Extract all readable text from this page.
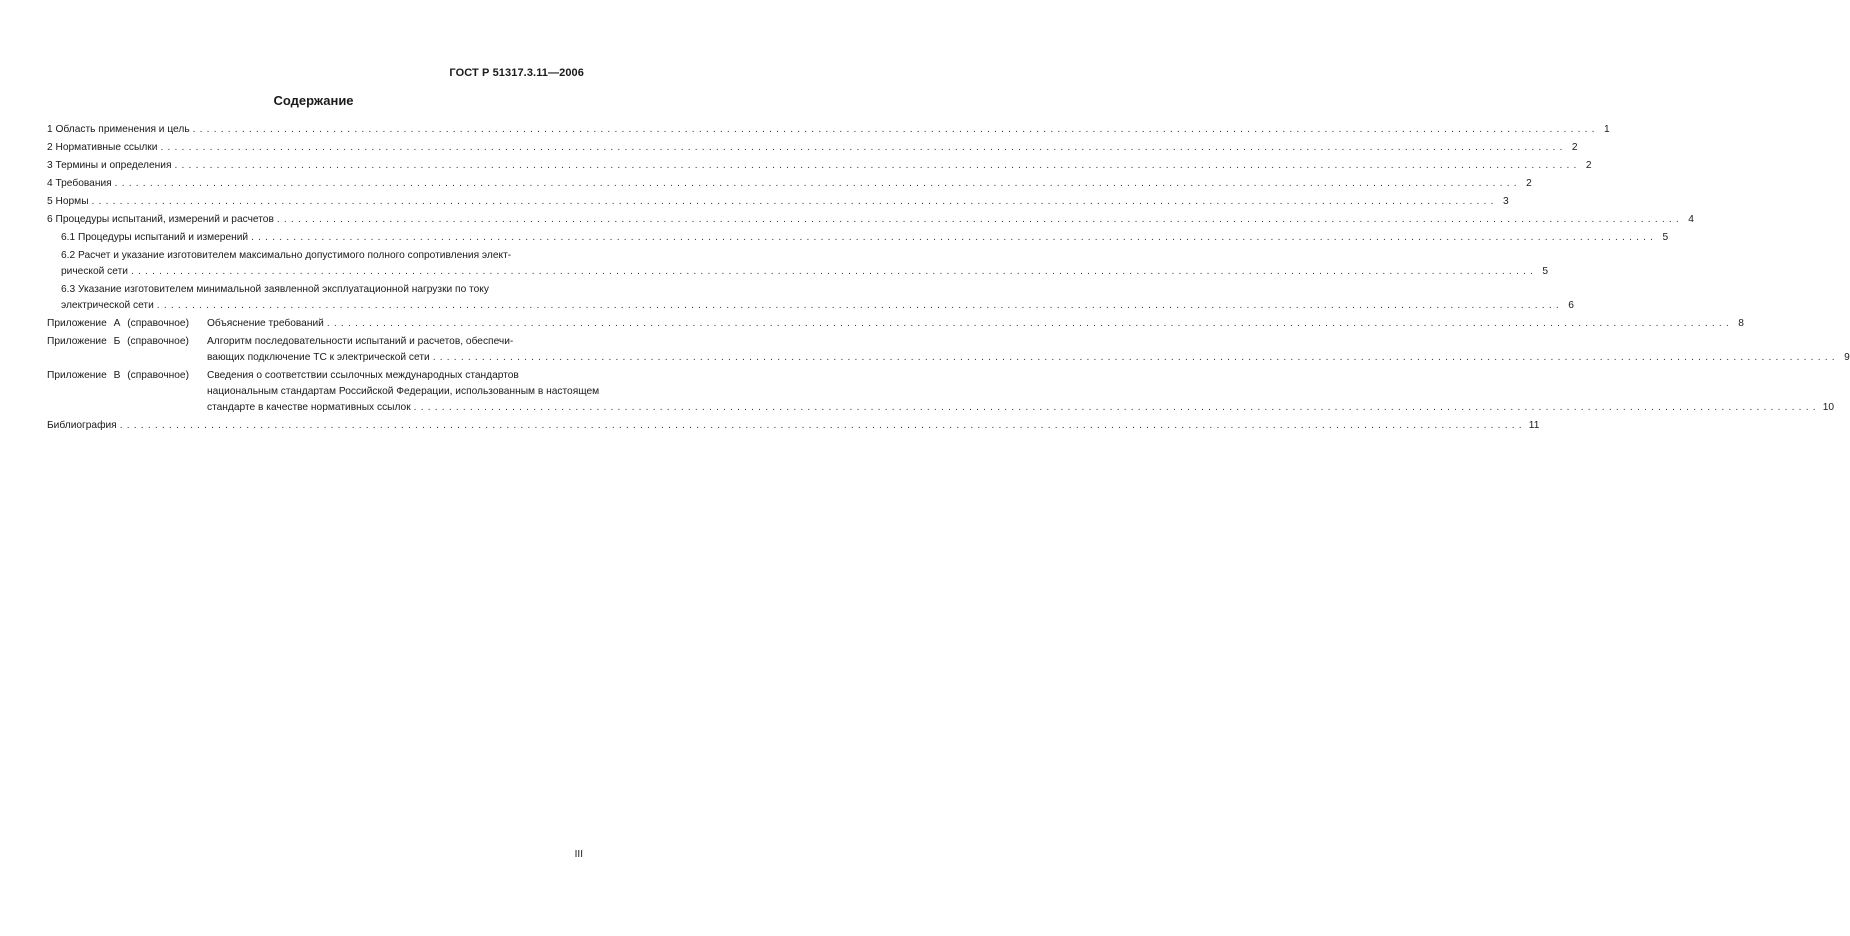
ГОСТ Р 51317.3.11—2006
Содержание
1 Область применения и цель ........................................................................................................................................................................................................ 1
2 Нормативные ссылки ........................................................................................................................................................................................................ 2
3 Термины и определения ........................................................................................................................................................................................................ 2
4 Требования ........................................................................................................................................................................................................ 2
5 Нормы ........................................................................................................................................................................................................ 3
6 Процедуры испытаний, измерений и расчетов ........................................................................................................................................................................................................ 4
6.1 Процедуры испытаний и измерений ........................................................................................................................................................................................................ 5
6.2 Расчет и указание изготовителем максимально допустимого полного сопротивления элект-
рической сети ........................................................................................................................................................................................................ 5
6.3 Указание изготовителем минимальной заявленной эксплуатационной нагрузки по току
электрической сети ........................................................................................................................................................................................................ 6
Приложение А (справочное)	Объяснение требований ........................................................................................................................................................................................................ 8
Приложение Б (справочное)	Алгоритм последовательности испытаний и расчетов, обеспечи-
вающих подключение ТС к электрической сети ........................................................................................................................................................................................................ 9
Приложение В (справочное)	Сведения о соответствии ссылочных международных стандартов
национальным стандартам Российской Федерации, использованным в настоящем
стандарте в качестве нормативных ссылок ........................................................................................................................................................................................................ 10
Библиография ........................................................................................................................................................................................................ 11
III
